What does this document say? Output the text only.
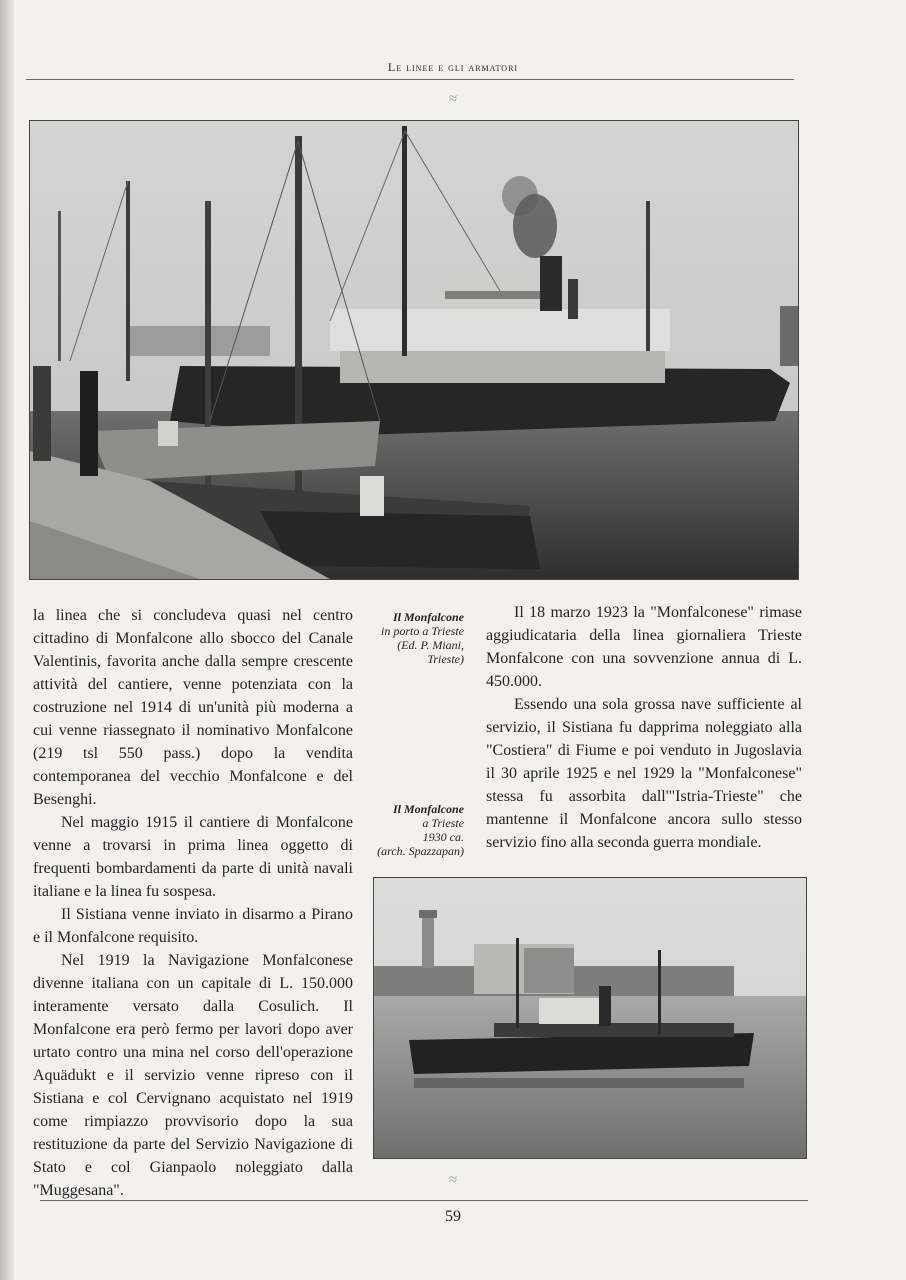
Le linee e gli armatori
≈

la linea che si concludeva quasi nel centro cittadino di Monfalcone allo sbocco del Canale Valentinis, favorita anche dalla sempre crescente attività del cantiere, venne potenziata con la costruzione nel 1914 di un'unità più moderna a cui venne riassegnato il nominativo Monfalcone (219 tsl 550 pass.) dopo la vendita contemporanea del vecchio Monfalcone e del Besenghi.

Nel maggio 1915 il cantiere di Monfalcone venne a trovarsi in prima linea oggetto di frequenti bombardamenti da parte di unità navali italiane e la linea fu sospesa.

Il Sistiana venne inviato in disarmo a Pirano e il Monfalcone requisito.

Nel 1919 la Navigazione Monfalconese divenne italiana con un capitale di L. 150.000 interamente versato dalla Cosulich. Il Monfalcone era però fermo per lavori dopo aver urtato contro una mina nel corso dell'operazione Aquädukt e il servizio venne ripreso con il Sistiana e col Cervignano acquistato nel 1919 come rimpiazzo provvisorio dopo la sua restituzione da parte del Servizio Navigazione di Stato e col Gianpaolo noleggiato dalla "Muggesana".

Il Monfalcone
in porto a Trieste
(Ed. P. Miani,
Trieste)
Il Monfalcone
a Trieste
1930 ca.
(arch. Spazzapan)

Il 18 marzo 1923 la "Monfalconese" rimase aggiudicataria della linea giornaliera Trieste Monfalcone con una sovvenzione annua di L. 450.000.

Essendo una sola grossa nave sufficiente al servizio, il Sistiana fu dapprima noleggiato alla "Costiera" di Fiume e poi venduto in Jugoslavia il 30 aprile 1925 e nel 1929 la "Monfalconese" stessa fu assorbita dall'"Istria-Trieste" che mantenne il Monfalcone ancora sullo stesso servizio fino alla seconda guerra mondiale.

≈
59
